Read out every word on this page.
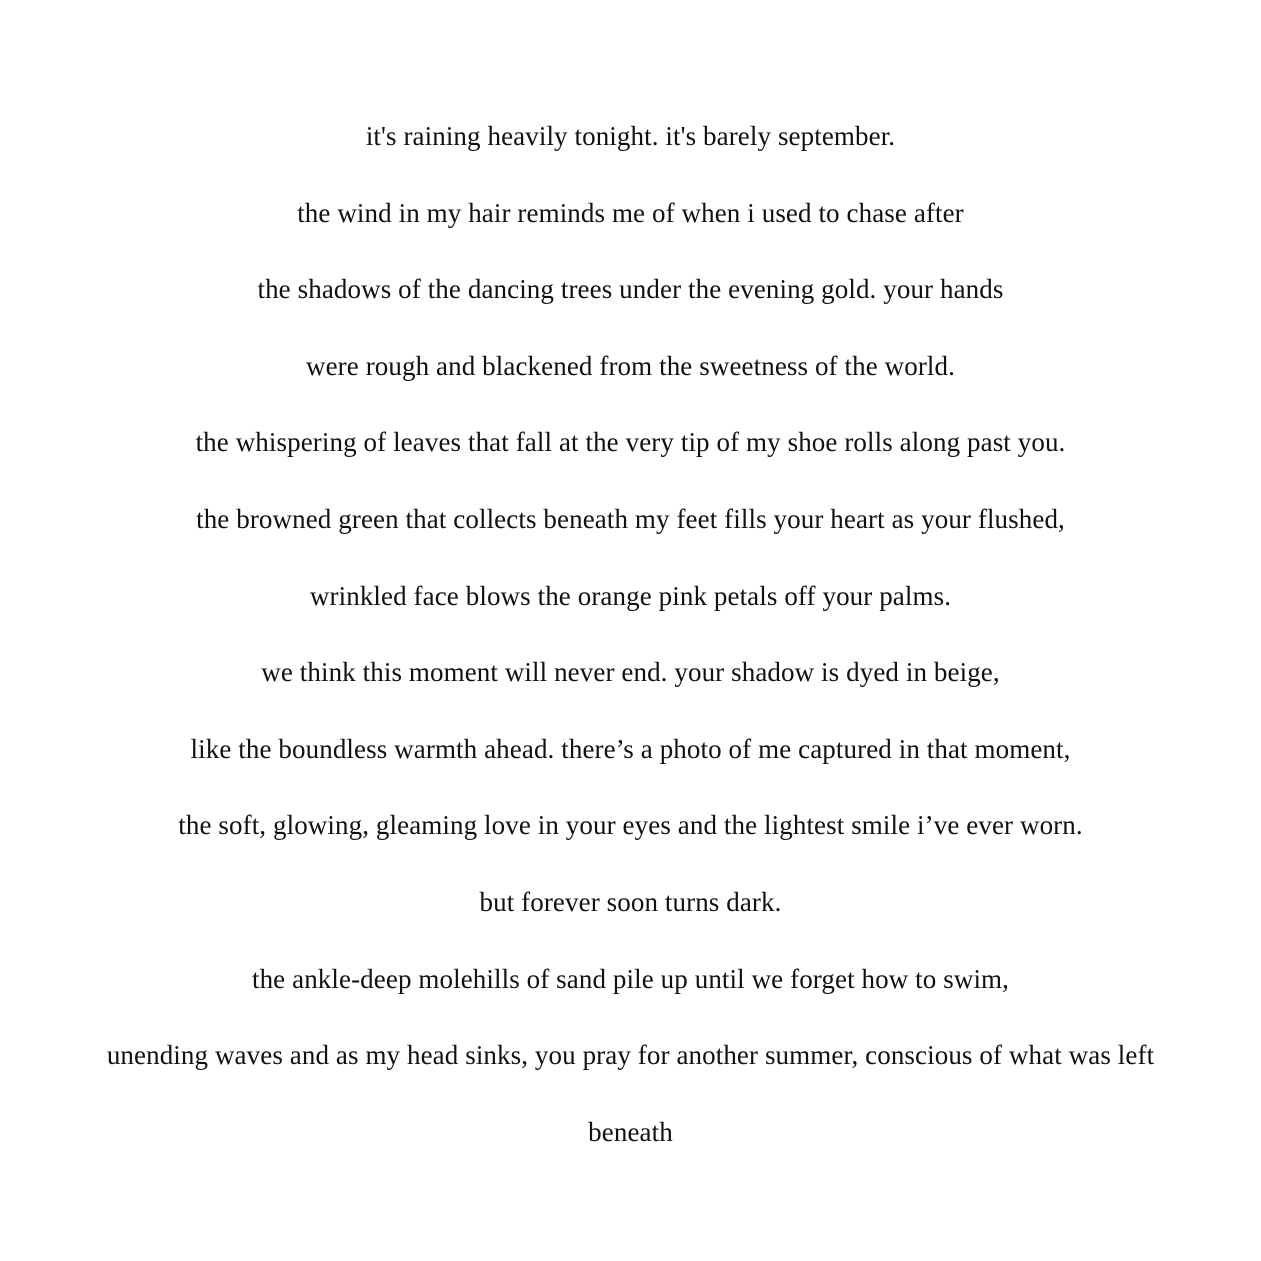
it's raining heavily tonight. it's barely september.
the wind in my hair reminds me of when i used to chase after
the shadows of the dancing trees under the evening gold. your hands
were rough and blackened from the sweetness of the world.
the whispering of leaves that fall at the very tip of my shoe rolls along past you.
the browned green that collects beneath my feet fills your heart as your flushed,
wrinkled face blows the orange pink petals off your palms.
we think this moment will never end. your shadow is dyed in beige,
like the boundless warmth ahead. there’s a photo of me captured in that moment,
the soft, glowing, gleaming love in your eyes and the lightest smile i’ve ever worn.
but forever soon turns dark.
the ankle-deep molehills of sand pile up until we forget how to swim,
unending waves and as my head sinks, you pray for another summer, conscious of what was left
beneath
